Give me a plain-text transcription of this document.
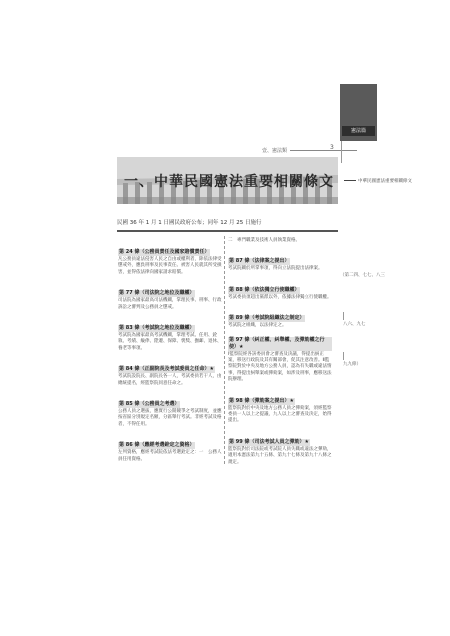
憲法篇
壹、憲法類	3
一、中華民國憲法重要相關條文	中華民國憲法重要相關條文
民國 36 年 1 月 1 日國民政府公布；同年 12 月 25 日施行
第 24 條（公務員責任及國家賠償責任）
凡公務員違法侵害人民之自由或權利者，除依法律受懲戒外，應負刑事及民事責任。被害人民就其所受損害，並得依法律向國家請求賠償。
第 77 條（司法院之地位及職權）
司法院為國家最高司法機關，掌理民事、刑事、行政訴訟之審判及公務員之懲戒。
第 83 條（考試院之地位及職權）
考試院為國家最高考試機關，掌理考試、任用、銓敘、考績、級俸、陞遷、保障、褒獎、撫卹、退休、養老等事項。
第 84 條（正副院長及考試委員之任命）★
考試院設院長、副院長各一人，考試委員若干人，由總統提名，經監察院同意任命之。
第 85 條（公務員之考選）
公務人員之選拔，應實行公開競爭之考試制度，並應按省區分別規定名額，分區舉行考試。非經考試及格者，不得任用。
第 86 條（應經考選銓定之資格）
左列資格，應經考試院依法考選銓定之：一　公務人員任用資格。
二　專門職業及技術人員執業資格。
第 87 條（法律案之提出）
考試院關於所掌事項，得向立法院提出法律案。
第 88 條（依法獨立行使職權）
考試委員須超出黨派以外，依據法律獨立行使職權。
第 89 條（考試院組織法之制定）
考試院之組織，以法律定之。
第 97 條（糾正權、糾舉權、及彈劾權之行使）★
Ⅰ監察院經各該委員會之審查及決議，得提出糾正案，移送行政院及其有關部會，促其注意改善。Ⅱ監察院對於中央及地方公務人員，認為有失職或違法情事，得提出糾舉案或彈劾案，如涉及刑事，應移送法院辦理。
第 98 條（彈劾案之提出）★
監察院對於中央及地方公務人員之彈劾案，須經監察委員一人以上之提議，九人以上之審查及決定，始得提出。
第 99 條（司法考試人員之彈劾）★
監察院對於司法院或考試院人員失職或違法之彈劾，適用本憲法第九十五條、第九十七條及第九十八條之規定。
（第二四、七七、八三
八六、九七
九九條）
